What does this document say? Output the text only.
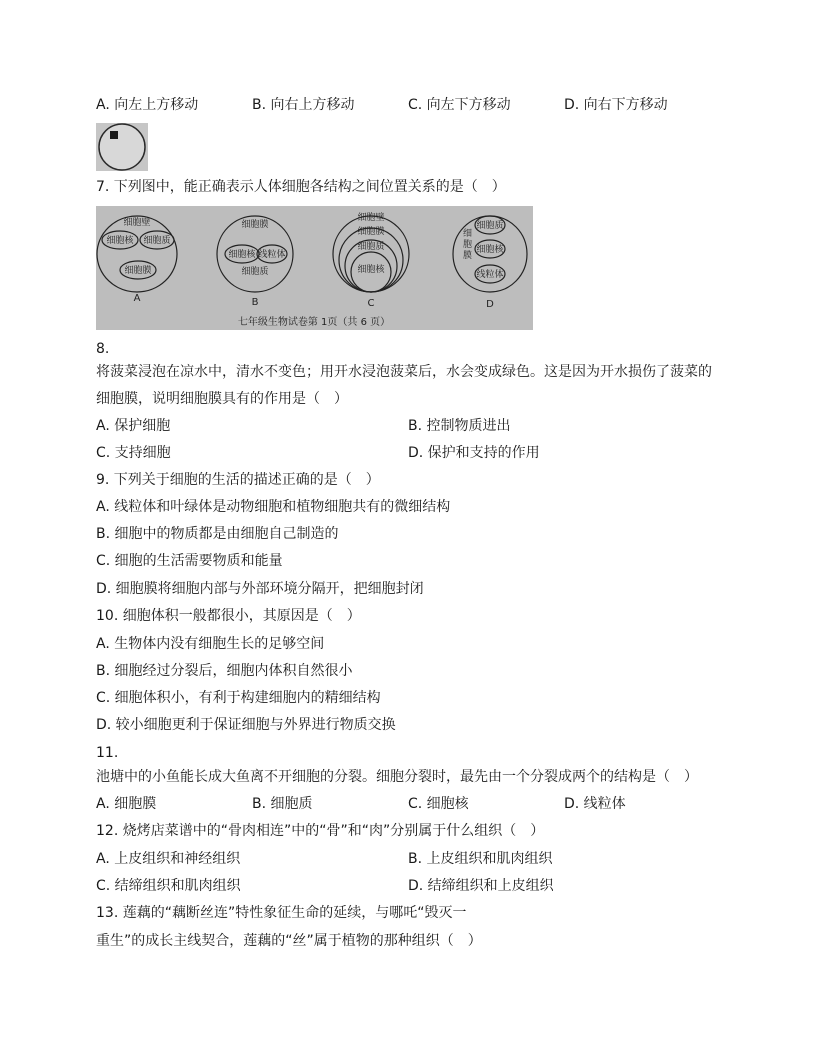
A. 向左上方移动	B. 向右上方移动	C. 向左下方移动	D. 向右下方移动
7. 下列图中，能正确表示人体细胞各结构之间位置关系的是（　）
细胞壁
细胞核 细胞质
细胞膜
A
细胞膜
细胞核 线粒体
细胞质
B
细胞壁
细胞膜
细胞质
细胞核
C
细胞质
细胞核
线粒体
D
细胞膜
七年级生物试卷第 1页（共 6 页）
8.
将菠菜浸泡在凉水中，清水不变色；用开水浸泡菠菜后，水会变成绿色。这是因为开水损伤了菠菜的
细胞膜，说明细胞膜具有的作用是（　）
A. 保护细胞	B. 控制物质进出
C. 支持细胞	D. 保护和支持的作用
9. 下列关于细胞的生活的描述正确的是（　）
A. 线粒体和叶绿体是动物细胞和植物细胞共有的微细结构
B. 细胞中的物质都是由细胞自己制造的
C. 细胞的生活需要物质和能量
D. 细胞膜将细胞内部与外部环境分隔开，把细胞封闭
10. 细胞体积一般都很小，其原因是（　）
A. 生物体内没有细胞生长的足够空间
B. 细胞经过分裂后，细胞内体积自然很小
C. 细胞体积小，有利于构建细胞内的精细结构
D. 较小细胞更利于保证细胞与外界进行物质交换
11.
池塘中的小鱼能长成大鱼离不开细胞的分裂。细胞分裂时，最先由一个分裂成两个的结构是（　）
A. 细胞膜	B. 细胞质	C. 细胞核	D. 线粒体
12. 烧烤店菜谱中的“骨肉相连”中的“骨”和“肉”分别属于什么组织（　）
A. 上皮组织和神经组织	B. 上皮组织和肌肉组织
C. 结缔组织和肌肉组织	D. 结缔组织和上皮组织
13. 莲藕的“藕断丝连”特性象征生命的延续，与哪吒“毁灭一
重生”的成长主线契合，莲藕的“丝”属于植物的那种组织（　）
